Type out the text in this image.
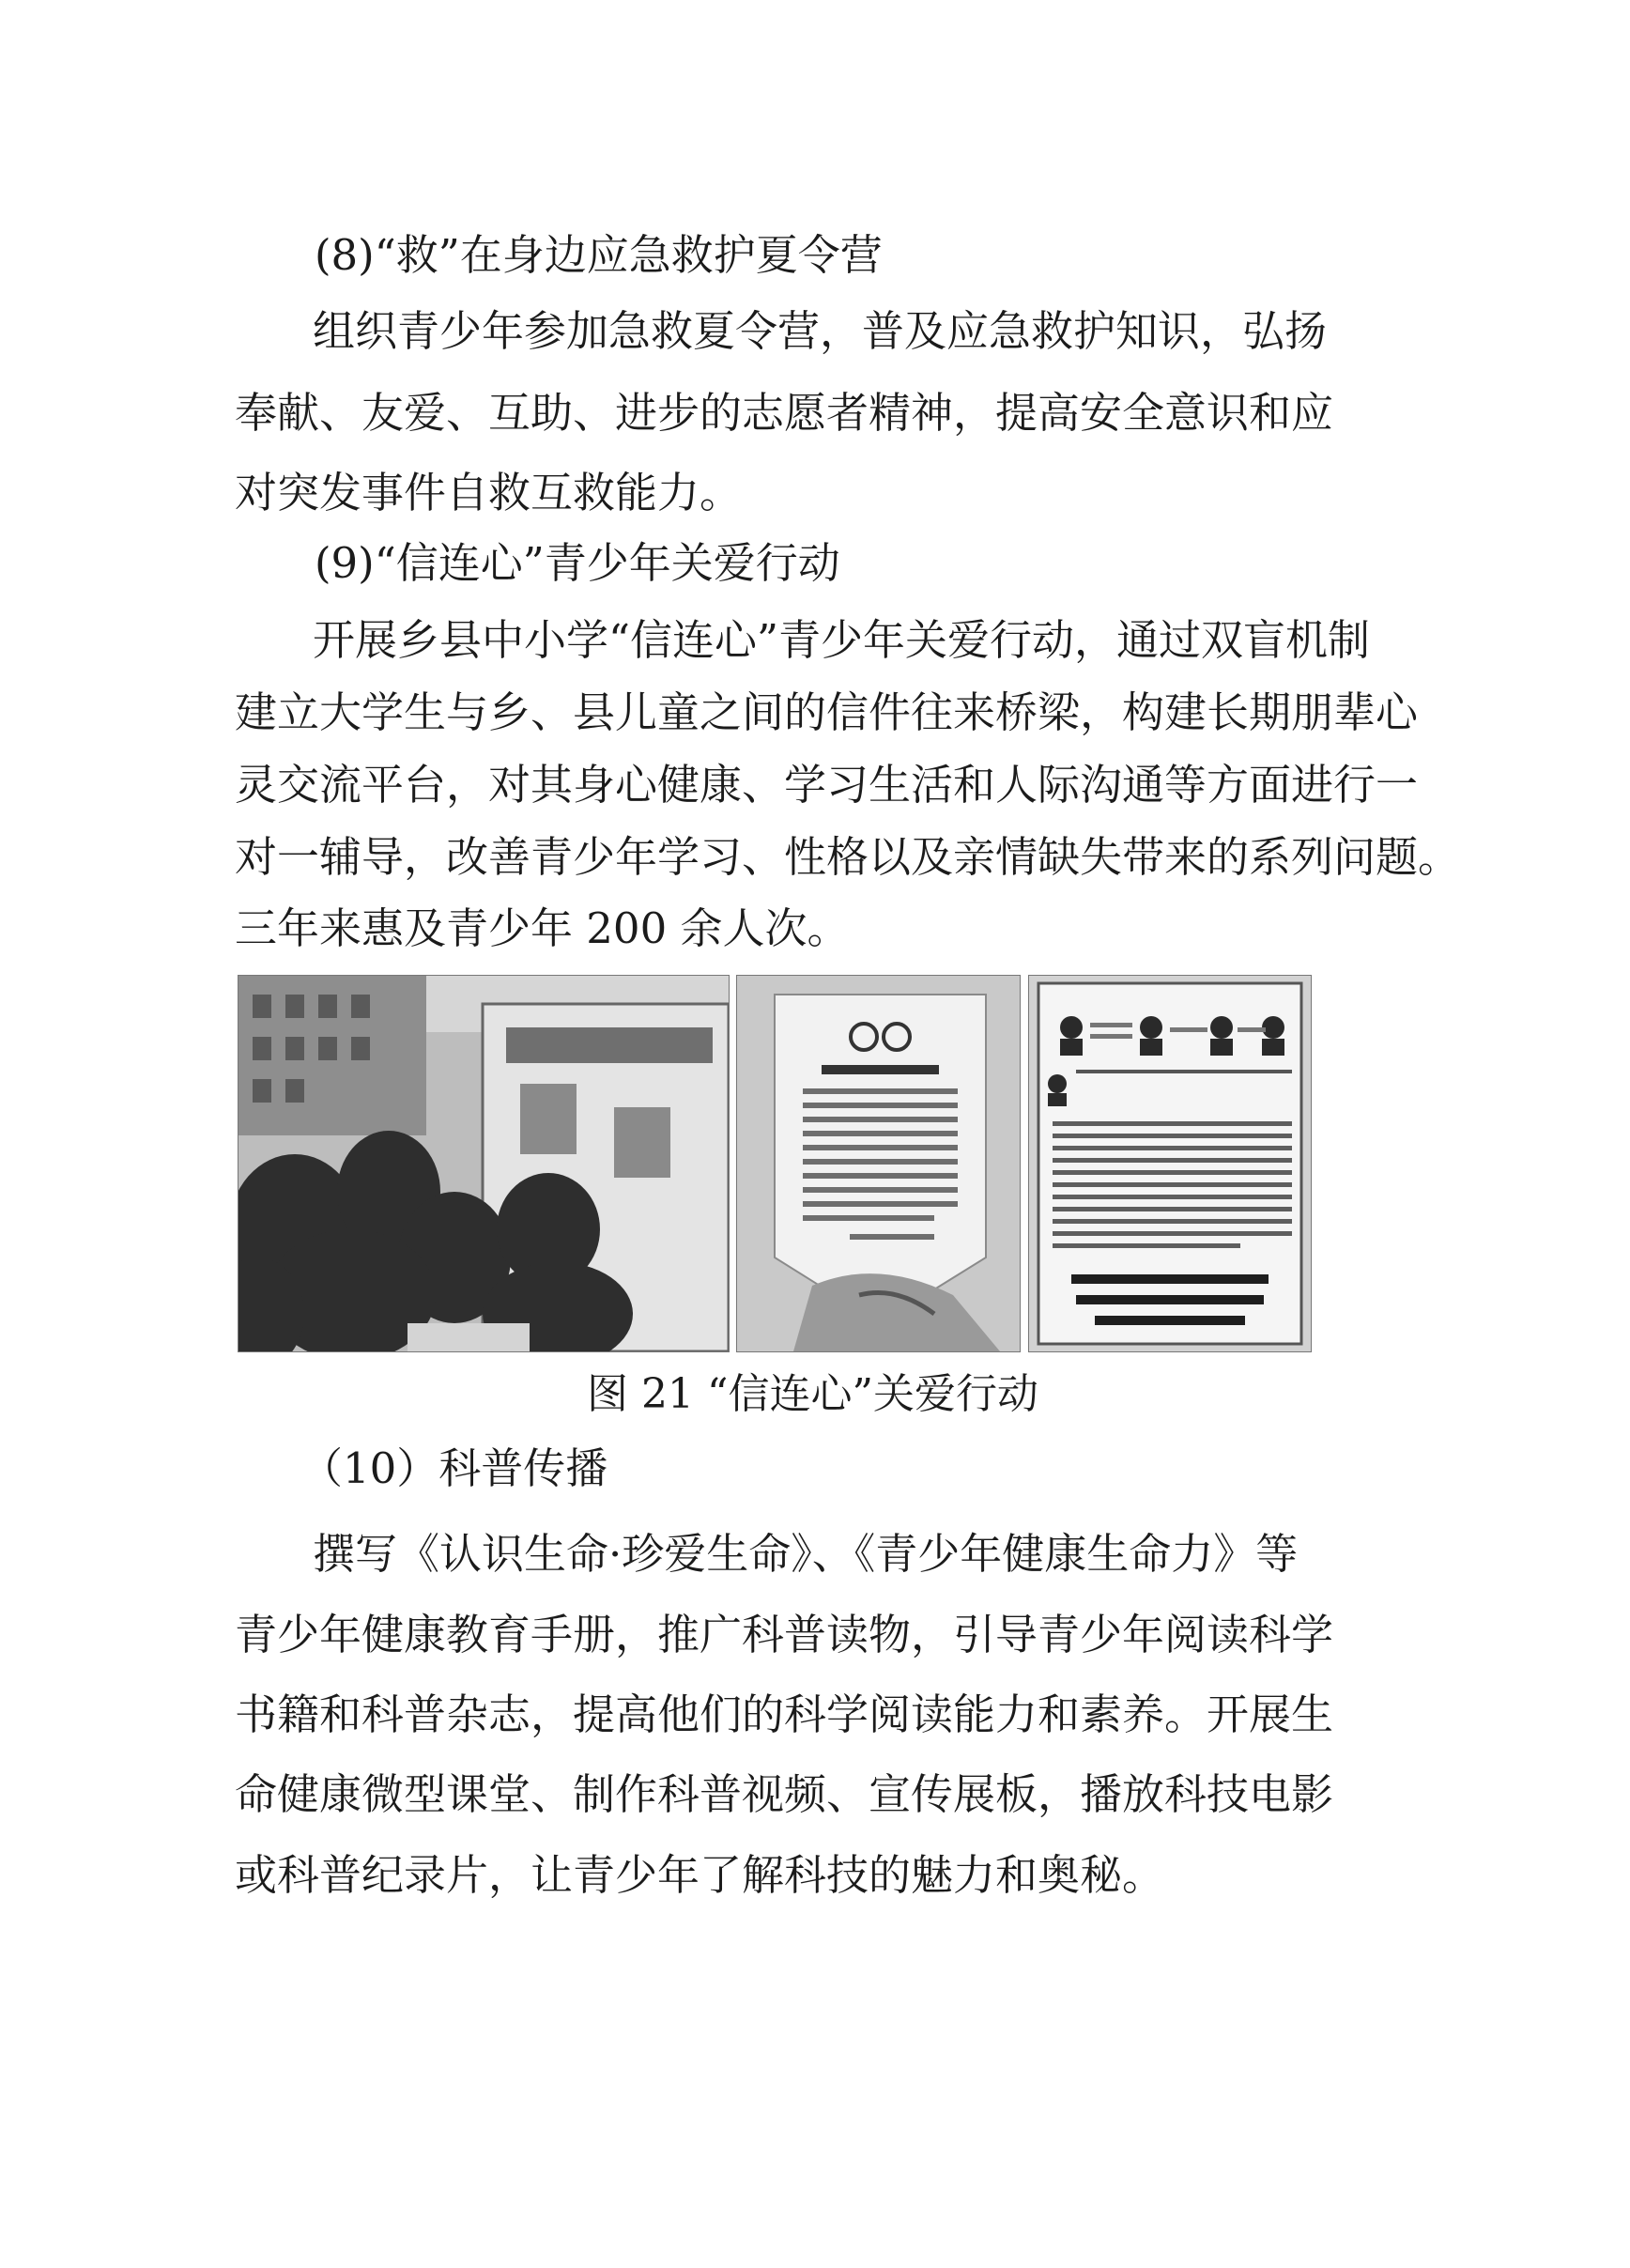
(8)“救”在身边应急救护夏令营
组织青少年参加急救夏令营，普及应急救护知识，弘扬
奉献、友爱、互助、进步的志愿者精神，提高安全意识和应
对突发事件自救互救能力。
(9)“信连心”青少年关爱行动
开展乡县中小学“信连心”青少年关爱行动，通过双盲机制
建立大学生与乡、县儿童之间的信件往来桥梁，构建长期朋辈心
灵交流平台，对其身心健康、学习生活和人际沟通等方面进行一
对一辅导，改善青少年学习、性格以及亲情缺失带来的系列问题。
三年来惠及青少年 200 余人次。
图 21 “信连心”关爱行动
（10）科普传播
撰写《认识生命·珍爱生命》、《青少年健康生命力》等
青少年健康教育手册，推广科普读物，引导青少年阅读科学
书籍和科普杂志，提高他们的科学阅读能力和素养。开展生
命健康微型课堂、制作科普视频、宣传展板，播放科技电影
或科普纪录片，让青少年了解科技的魅力和奥秘。
